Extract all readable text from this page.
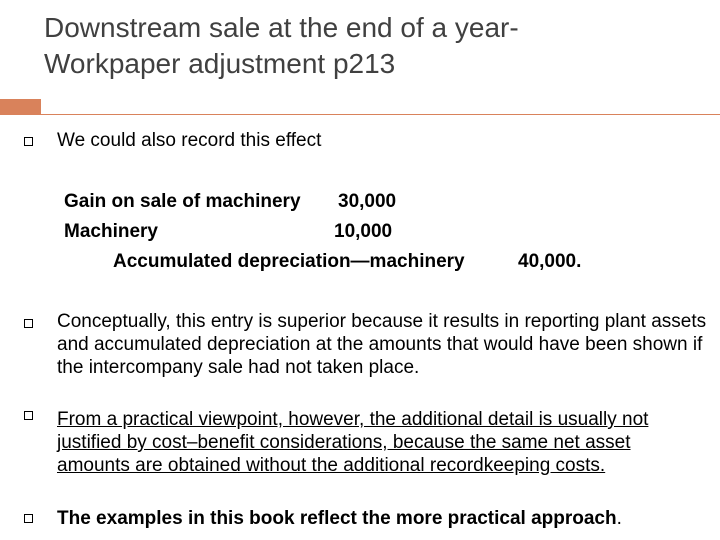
Downstream sale at the end of a year-
Workpaper adjustment p213
We could also record this effect
Gain on sale of machinery 30,000
Machinery	10,000
Accumulated depreciation—machinery	40,000.
Conceptually, this entry is superior because it results in reporting plant assets and accumulated depreciation at the amounts that would have been shown if the intercompany sale had not taken place.
From a practical viewpoint, however, the additional detail is usually not justified by cost–benefit considerations, because the same net asset amounts are obtained without the additional recordkeeping costs.
The examples in this book reflect the more practical approach.
